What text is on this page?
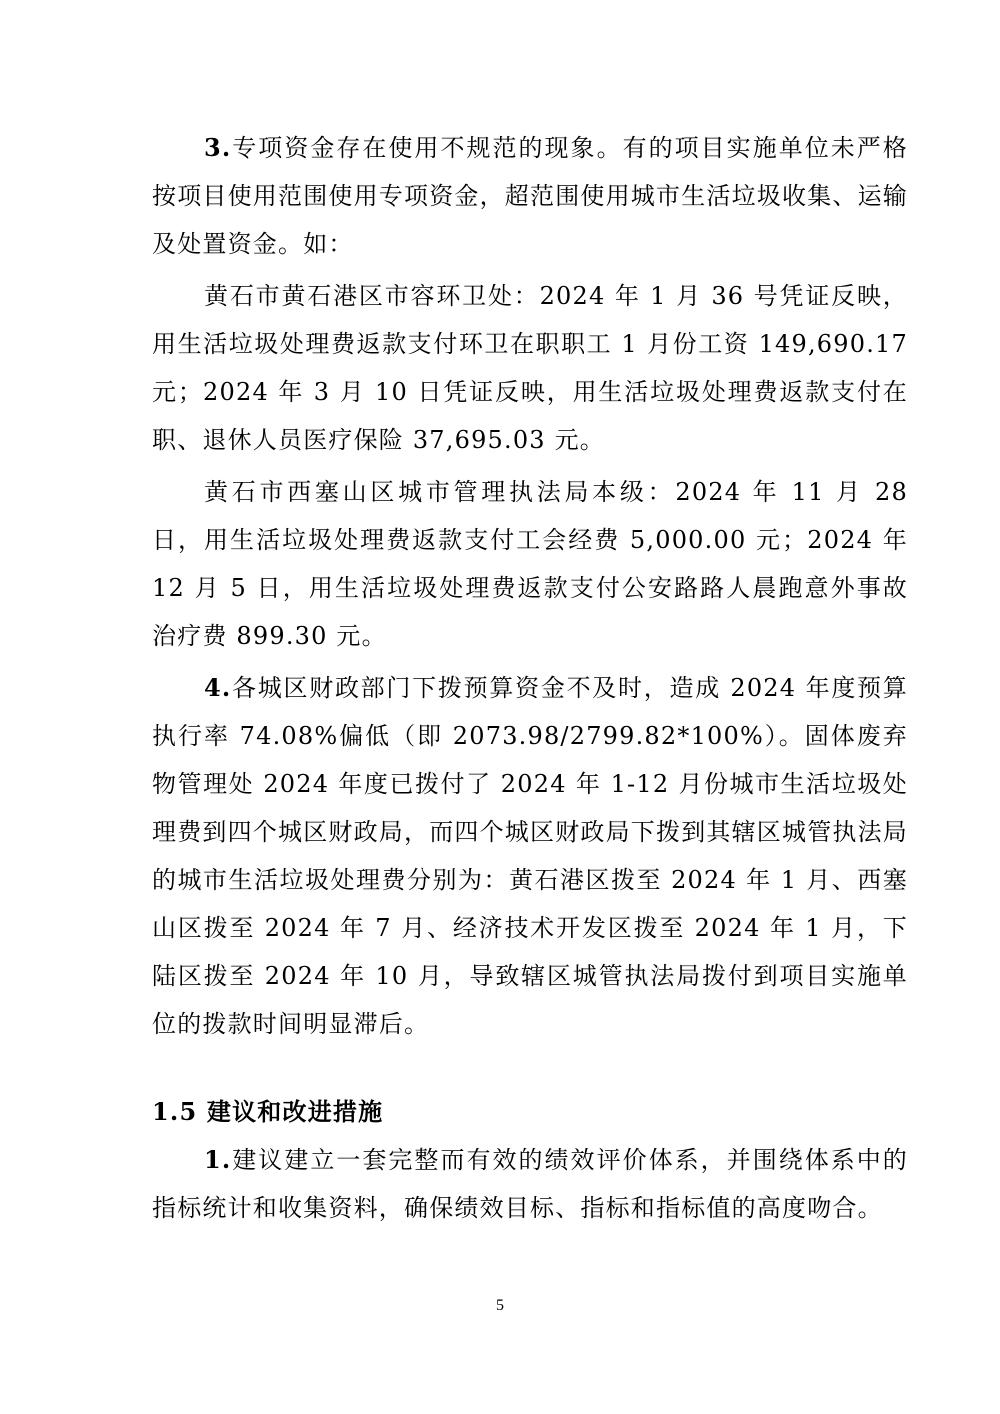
3.专项资金存在使用不规范的现象。有的项目实施单位未严格按项目使用范围使用专项资金，超范围使用城市生活垃圾收集、运输及处置资金。如：

黄石市黄石港区市容环卫处：2024 年 1 月 36 号凭证反映，用生活垃圾处理费返款支付环卫在职职工 1 月份工资 149,690.17 元；2024 年 3 月 10 日凭证反映，用生活垃圾处理费返款支付在职、退休人员医疗保险 37,695.03 元。

黄石市西塞山区城市管理执法局本级：2024 年 11 月 28 日，用生活垃圾处理费返款支付工会经费 5,000.00 元；2024 年 12 月 5 日，用生活垃圾处理费返款支付公安路路人晨跑意外事故治疗费 899.30 元。

4.各城区财政部门下拨预算资金不及时，造成 2024 年度预算执行率 74.08%偏低（即 2073.98/2799.82*100%）。固体废弃物管理处 2024 年度已拨付了 2024 年 1-12 月份城市生活垃圾处理费到四个城区财政局，而四个城区财政局下拨到其辖区城管执法局的城市生活垃圾处理费分别为：黄石港区拨至 2024 年 1 月、西塞山区拨至 2024 年 7 月、经济技术开发区拨至 2024 年 1 月，下陆区拨至 2024 年 10 月，导致辖区城管执法局拨付到项目实施单位的拨款时间明显滞后。

1.5 建议和改进措施

1.建议建立一套完整而有效的绩效评价体系，并围绕体系中的指标统计和收集资料，确保绩效目标、指标和指标值的高度吻合。

5
